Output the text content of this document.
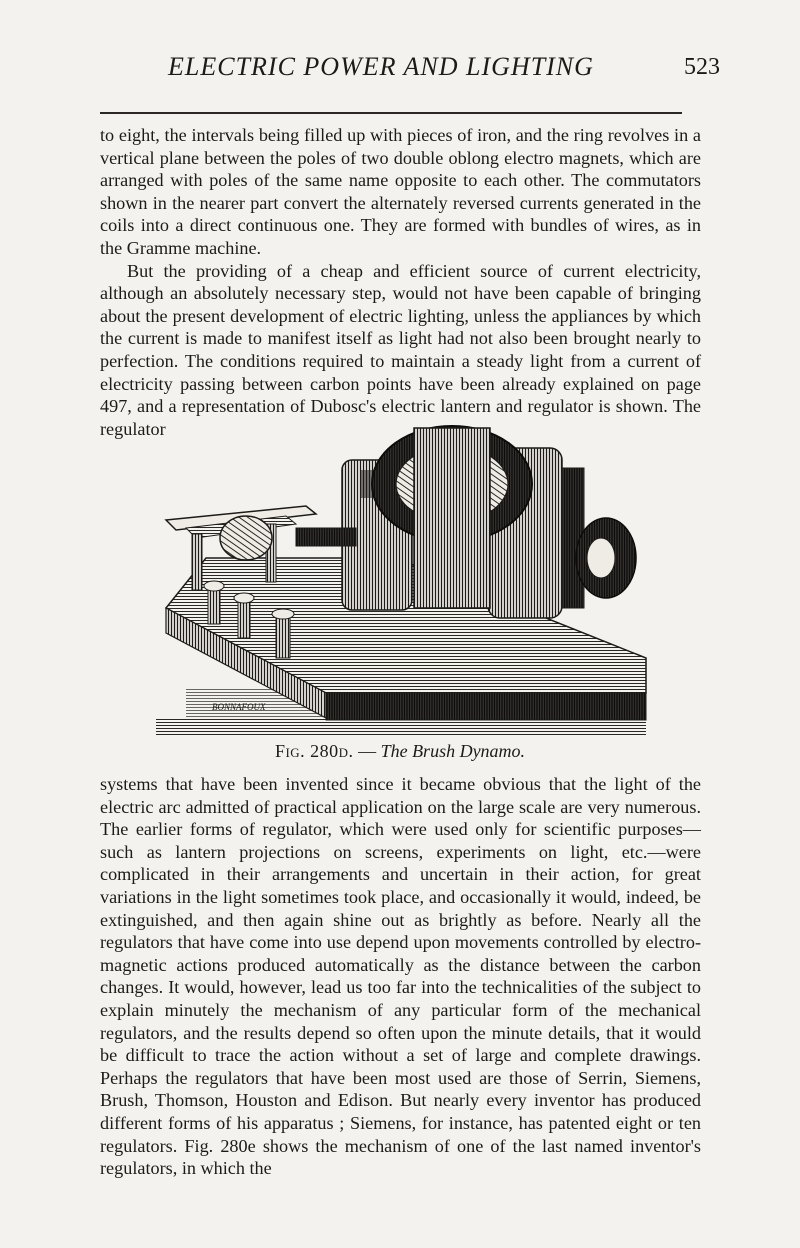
ELECTRIC POWER AND LIGHTING	523

to eight, the intervals being filled up with pieces of iron, and the ring revolves in a vertical plane between the poles of two double oblong electro magnets, which are arranged with poles of the same name opposite to each other. The commutators shown in the nearer part convert the alternately reversed currents generated in the coils into a direct continuous one. They are formed with bundles of wires, as in the Gramme machine.

But the providing of a cheap and efficient source of current electricity, although an absolutely necessary step, would not have been capable of bringing about the present development of electric lighting, unless the appliances by which the current is made to manifest itself as light had not also been brought nearly to perfection. The conditions required to maintain a steady light from a current of electricity passing between carbon points have been already explained on page 497, and a representation of Dubosc's electric lantern and regulator is shown. The regulator

BONNAFOUX
Fig. 280d. — The Brush Dynamo.

systems that have been invented since it became obvious that the light of the electric arc admitted of practical application on the large scale are very numerous. The earlier forms of regulator, which were used only for scientific purposes—such as lantern projections on screens, experiments on light, etc.—were complicated in their arrangements and uncertain in their action, for great variations in the light sometimes took place, and occasionally it would, indeed, be extinguished, and then again shine out as brightly as before. Nearly all the regulators that have come into use depend upon movements controlled by electro-magnetic actions produced automatically as the distance between the carbon changes. It would, however, lead us too far into the technicalities of the subject to explain minutely the mechanism of any particular form of the mechanical regulators, and the results depend so often upon the minute details, that it would be difficult to trace the action without a set of large and complete drawings. Perhaps the regulators that have been most used are those of Serrin, Siemens, Brush, Thomson, Houston and Edison. But nearly every inventor has produced different forms of his apparatus ; Siemens, for instance, has patented eight or ten regulators. Fig. 280e shows the mechanism of one of the last named inventor's regulators, in which the
